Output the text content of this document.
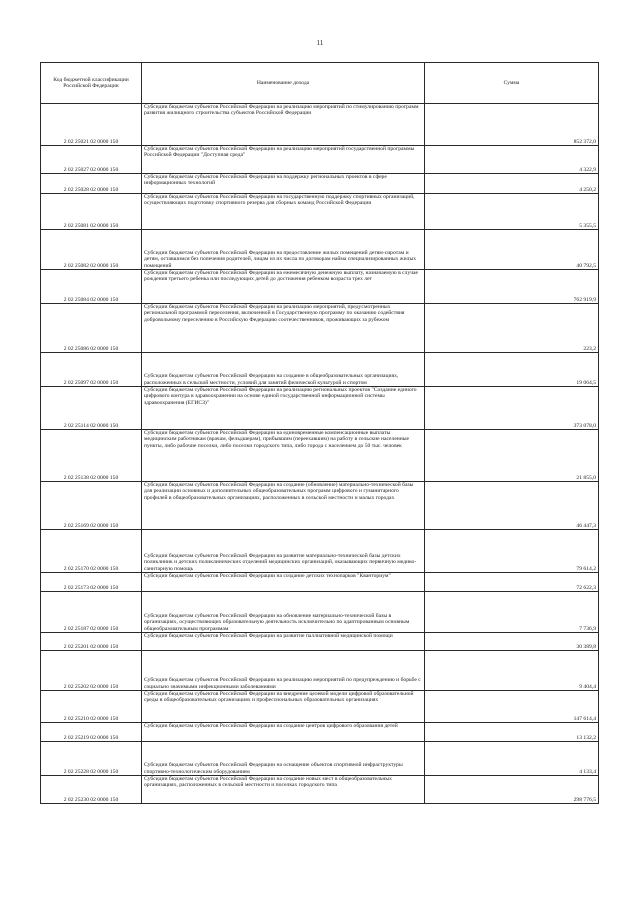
11
Код бюджетной классификации Российской Федерации	Наименование дохода	Сумма
2 02 25021 02 0000 150	Субсидии бюджетам субъектов Российской Федерации на реализацию мероприятий по стимулированию программ развития жилищного строительства субъектов Российской Федерации	852 372,0
2 02 25027 02 0000 150	Субсидии бюджетам субъектов Российской Федерации на реализацию мероприятий государственной программы Российской Федерации "Доступная среда"	4 322,9
2 02 25028 02 0000 150	Субсидии бюджетам субъектов Российской Федерации на поддержку региональных проектов в сфере информационных технологий	4 250,2
2 02 25081 02 0000 150	Субсидии бюджетам субъектов Российской Федерации на государственную поддержку спортивных организаций, осуществляющих подготовку спортивного резерва для сборных команд Российской Федерации	5 355,5
2 02 25082 02 0000 150	Субсидии бюджетам субъектов Российской Федерации на предоставление жилых помещений детям-сиротам и детям, оставшимся без попечения родителей, лицам из их числа по договорам найма специализированных жилых помещений	40 792,5
2 02 25084 02 0000 150	Субсидии бюджетам субъектов Российской Федерации на ежемесячную денежную выплату, назначаемую в случае рождения третьего ребенка или последующих детей до достижения ребенком возраста трех лет	762 919,9
2 02 25086 02 0000 150	Субсидии бюджетам субъектов Российской Федерации на реализацию мероприятий, предусмотренных региональной программой переселения, включенной в Государственную программу по оказанию содействия добровольному переселению в Российскую Федерацию соотечественников, проживающих за рубежом	223,2
2 02 25097 02 0000 150	Субсидии бюджетам субъектов Российской Федерации на создание в общеобразовательных организациях, расположенных в сельской местности, условий для занятий физической культурой и спортом	19 064,5
2 02 25114 02 0000 150	Субсидии бюджетам субъектов Российской Федерации на реализацию региональных проектов "Создание единого цифрового контура в здравоохранении на основе единой государственной информационной системы здравоохранения (ЕГИСЗ)"	373 078,0
2 02 25138 02 0000 150	Субсидии бюджетам субъектов Российской Федерации на единовременные компенсационные выплаты медицинским работникам (врачам, фельдшерам), прибывшим (переехавшим) на работу в сельские населенные пункты, либо рабочие поселки, либо поселки городского типа, либо города с населением до 50 тыс. человек	21 855,0
2 02 25169 02 0000 150	Субсидии бюджетам субъектов Российской Федерации на создание (обновление) материально-технической базы для реализации основных и дополнительных общеобразовательных программ цифрового и гуманитарного профилей в общеобразовательных организациях, расположенных в сельской местности и малых городах	46 447,3
2 02 25170 02 0000 150	Субсидии бюджетам субъектов Российской Федерации на развитие материально-технической базы детских поликлиник и детских поликлинических отделений медицинских организаций, оказывающих первичную медико-санитарную помощь	79 614,2
2 02 25173 02 0000 150	Субсидии бюджетам субъектов Российской Федерации на создание детских технопарков "Кванториум"	72 622,3
2 02 25187 02 0000 150	Субсидии бюджетам субъектов Российской Федерации на обновление материально-технической базы в организациях, осуществляющих образовательную деятельность исключительно по адаптированным основным общеобразовательным программам	7 736,9
2 02 25201 02 0000 150	Субсидии бюджетам субъектов Российской Федерации на развитие паллиативной медицинской помощи	30 389,8
2 02 25202 02 0000 150	Субсидии бюджетам субъектов Российской Федерации на реализацию мероприятий по предупреждению и борьбе с социально значимыми инфекционными заболеваниями	9 404,4
2 02 25210 02 0000 150	Субсидии бюджетам субъектов Российской Федерации на внедрение целевой модели цифровой образовательной среды в общеобразовательных организациях и профессиональных образовательных организациях	147 614,4
2 02 25219 02 0000 150	Субсидии бюджетам субъектов Российской Федерации на создание центров цифрового образования детей	13 132,2
2 02 25228 02 0000 150	Субсидии бюджетам субъектов Российской Федерации на оснащение объектов спортивной инфраструктуры спортивно-технологическим оборудованием	4 133,4
2 02 25230 02 0000 150	Субсидии бюджетам субъектов Российской Федерации на создание новых мест в общеобразовательных организациях, расположенных в сельской местности и поселках городского типа	298 776,5
